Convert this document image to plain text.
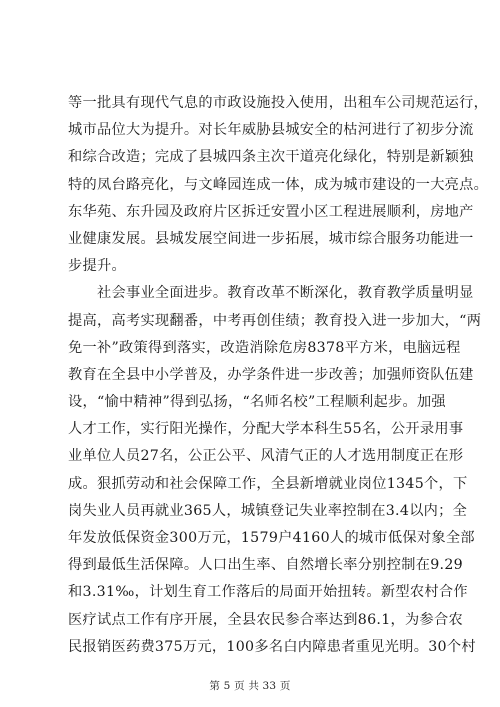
等一批具有现代气息的市政设施投入使用，出租车公司规范运行，
城市品位大为提升。对长年威胁县城安全的枯河进行了初步分流
和综合改造；完成了县城四条主次干道亮化绿化，特别是新颖独
特的凤台路亮化，与文峰园连成一体，成为城市建设的一大亮点。
东华苑、东升园及政府片区拆迁安置小区工程进展顺利，房地产
业健康发展。县城发展空间进一步拓展，城市综合服务功能进一
步提升。

　　社会事业全面进步。教育改革不断深化，教育教学质量明显
提高，高考实现翻番，中考再创佳绩；教育投入进一步加大，“两
免一补”政策得到落实，改造消除危房8378平方米，电脑远程
教育在全县中小学普及，办学条件进一步改善；加强师资队伍建
设，“愉中精神”得到弘扬，“名师名校”工程顺利起步。加强
人才工作，实行阳光操作，分配大学本科生55名，公开录用事
业单位人员27名，公正公平、风清气正的人才选用制度正在形
成。狠抓劳动和社会保障工作，全县新增就业岗位1345个，下
岗失业人员再就业365人，城镇登记失业率控制在3.4以内；全
年发放低保资金300万元，1579户4160人的城市低保对象全部
得到最低生活保障。人口出生率、自然增长率分别控制在9.29
和3.31‰，计划生育工作落后的局面开始扭转。新型农村合作
医疗试点工作有序开展，全县农民参合率达到86.1，为参合农
民报销医药费375万元，100多名白内障患者重见光明。30个村

第 5 页 共 33 页
